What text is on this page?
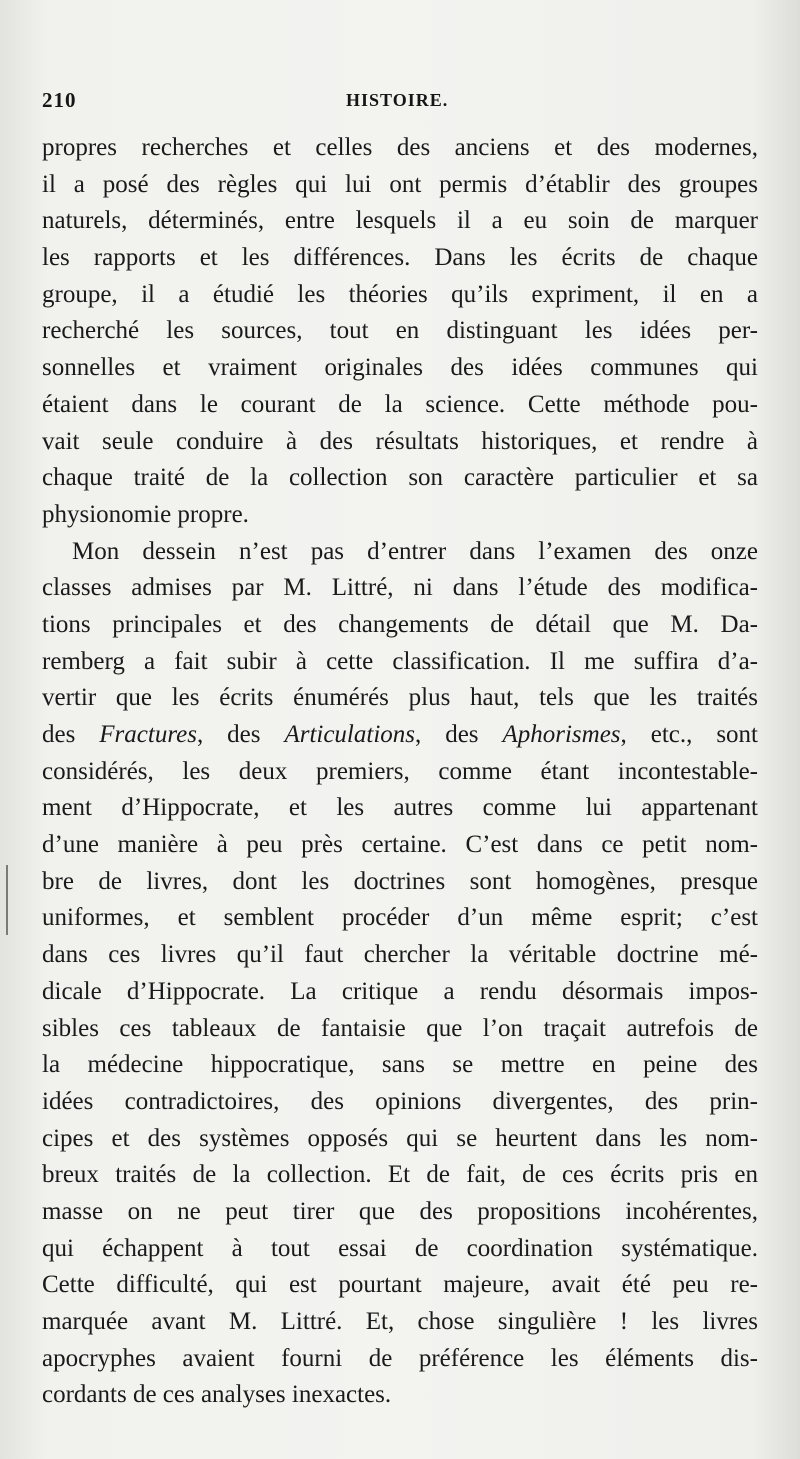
210	HISTOIRE.
propres recherches et celles des anciens et des modernes,
il a posé des règles qui lui ont permis d’établir des groupes
naturels, déterminés, entre lesquels il a eu soin de marquer
les rapports et les différences. Dans les écrits de chaque
groupe, il a étudié les théories qu’ils expriment, il en a
recherché les sources, tout en distinguant les idées per-
sonnelles et vraiment originales des idées communes qui
étaient dans le courant de la science. Cette méthode pou-
vait seule conduire à des résultats historiques, et rendre à
chaque traité de la collection son caractère particulier et sa
physionomie propre.
Mon dessein n’est pas d’entrer dans l’examen des onze
classes admises par M. Littré, ni dans l’étude des modifica-
tions principales et des changements de détail que M. Da-
remberg a fait subir à cette classification. Il me suffira d’a-
vertir que les écrits énumérés plus haut, tels que les traités
des Fractures, des Articulations, des Aphorismes, etc., sont
considérés, les deux premiers, comme étant incontestable-
ment d’Hippocrate, et les autres comme lui appartenant
d’une manière à peu près certaine. C’est dans ce petit nom-
bre de livres, dont les doctrines sont homogènes, presque
uniformes, et semblent procéder d’un même esprit; c’est
dans ces livres qu’il faut chercher la véritable doctrine mé-
dicale d’Hippocrate. La critique a rendu désormais impos-
sibles ces tableaux de fantaisie que l’on traçait autrefois de
la médecine hippocratique, sans se mettre en peine des
idées contradictoires, des opinions divergentes, des prin-
cipes et des systèmes opposés qui se heurtent dans les nom-
breux traités de la collection. Et de fait, de ces écrits pris en
masse on ne peut tirer que des propositions incohérentes,
qui échappent à tout essai de coordination systématique.
Cette difficulté, qui est pourtant majeure, avait été peu re-
marquée avant M. Littré. Et, chose singulière ! les livres
apocryphes avaient fourni de préférence les éléments dis-
cordants de ces analyses inexactes.
